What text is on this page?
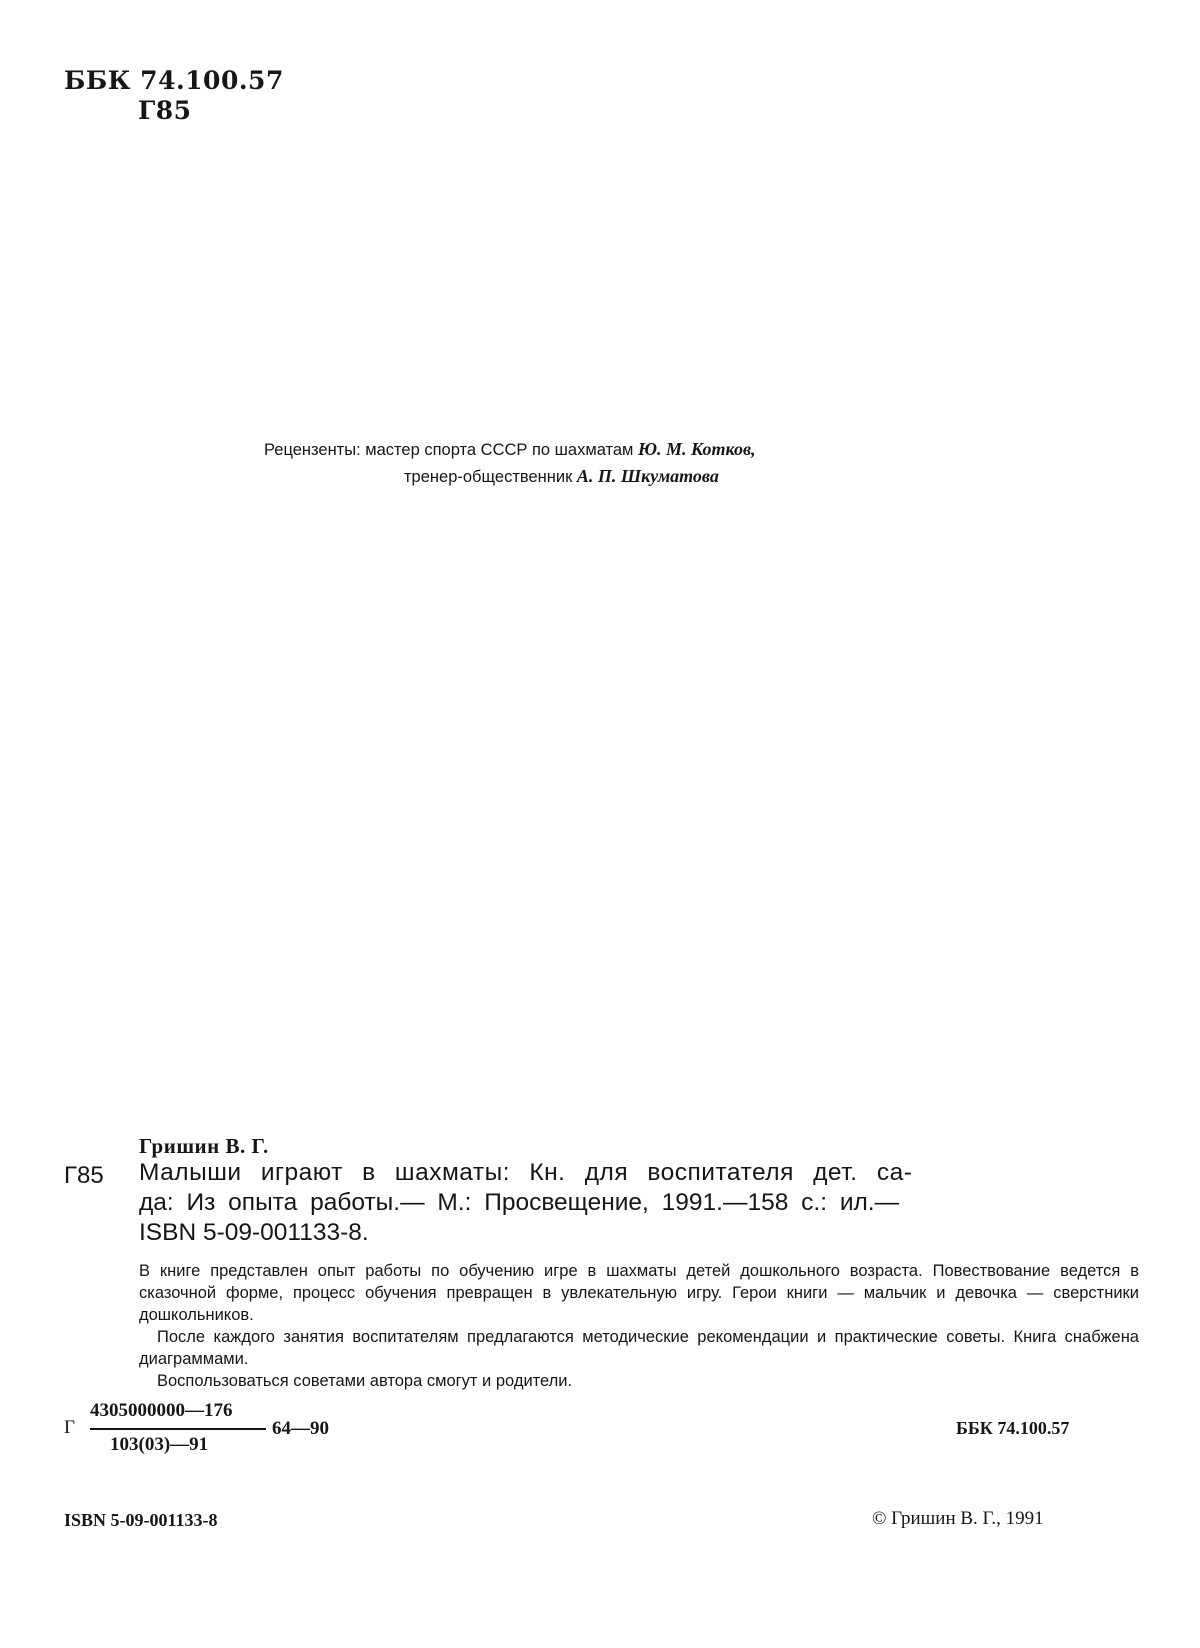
ББК 74.100.57
Г85
Рецензенты: мастер спорта СССР по шахматам Ю. М. Котков,
тренер-общественник А. П. Шкуматова
Гришин В. Г.
Г85 Малыши играют в шахматы: Кн. для воспитателя дет. са-
да: Из опыта работы.— М.: Просвещение, 1991.—158 с.: ил.—
ISBN 5-09-001133-8.
В книге представлен опыт работы по обучению игре в шахматы детей дошкольного возраста. Повествование ведется в сказочной форме, процесс обучения превращен в увлекательную игру. Герои книги — мальчик и девочка — сверстники дошкольников.
После каждого занятия воспитателям предлагаются методические рекомендации и практические советы. Книга снабжена диаграммами.
Воспользоваться советами автора смогут и родители.
Г
4305000000—176
103(03)—91
64—90	ББК 74.100.57
ISBN 5-09-001133-8	© Гришин В. Г., 1991
